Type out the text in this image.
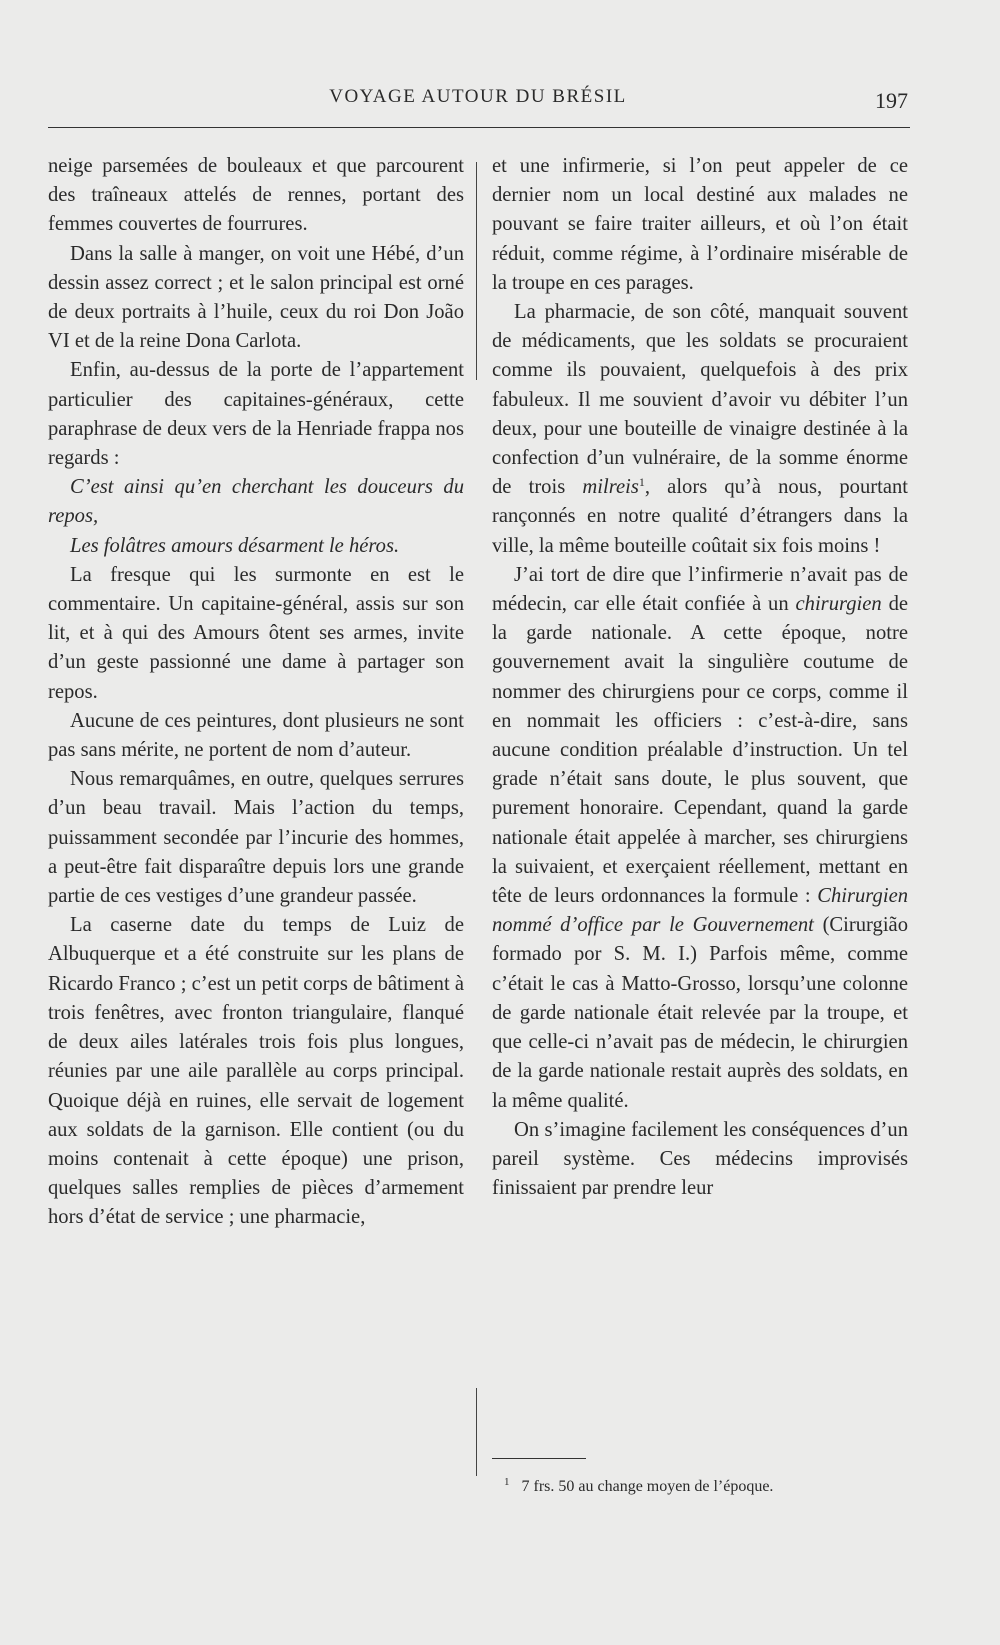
VOYAGE AUTOUR DU BRÉSIL	197

neige parsemées de bouleaux et que parcourent des traîneaux attelés de rennes, portant des femmes couvertes de fourrures.

Dans la salle à manger, on voit une Hébé, d’un dessin assez correct ; et le salon principal est orné de deux portraits à l’huile, ceux du roi Don João VI et de la reine Dona Carlota.

Enfin, au-dessus de la porte de l’appartement particulier des capitaines-généraux, cette paraphrase de deux vers de la Henriade frappa nos regards :

C’est ainsi qu’en cherchant les douceurs du repos,

Les folâtres amours désarment le héros.

La fresque qui les surmonte en est le commentaire. Un capitaine-général, assis sur son lit, et à qui des Amours ôtent ses armes, invite d’un geste passionné une dame à partager son repos.

Aucune de ces peintures, dont plusieurs ne sont pas sans mérite, ne portent de nom d’auteur.

Nous remarquâmes, en outre, quelques serrures d’un beau travail. Mais l’action du temps, puissamment secondée par l’incurie des hommes, a peut-être fait disparaître depuis lors une grande partie de ces vestiges d’une grandeur passée.

La caserne date du temps de Luiz de Albuquerque et a été construite sur les plans de Ricardo Franco ; c’est un petit corps de bâtiment à trois fenêtres, avec fronton triangulaire, flanqué de deux ailes latérales trois fois plus longues, réunies par une aile parallèle au corps principal. Quoique déjà en ruines, elle servait de logement aux soldats de la garnison. Elle contient (ou du moins contenait à cette époque) une prison, quelques salles remplies de pièces d’armement hors d’état de service ; une pharmacie,

et une infirmerie, si l’on peut appeler de ce dernier nom un local destiné aux malades ne pouvant se faire traiter ailleurs, et où l’on était réduit, comme régime, à l’ordinaire misérable de la troupe en ces parages.

La pharmacie, de son côté, manquait souvent de médicaments, que les soldats se procuraient comme ils pouvaient, quelquefois à des prix fabuleux. Il me souvient d’avoir vu débiter l’un deux, pour une bouteille de vinaigre destinée à la confection d’un vulnéraire, de la somme énorme de trois milreis$^1$, alors qu’à nous, pourtant rançonnés en notre qualité d’étrangers dans la ville, la même bouteille coûtait six fois moins !

J’ai tort de dire que l’infirmerie n’avait pas de médecin, car elle était confiée à un chirurgien de la garde nationale. A cette époque, notre gouvernement avait la singulière coutume de nommer des chirurgiens pour ce corps, comme il en nommait les officiers : c’est-à-dire, sans aucune condition préalable d’instruction. Un tel grade n’était sans doute, le plus souvent, que purement honoraire. Cependant, quand la garde nationale était appelée à marcher, ses chirurgiens la suivaient, et exerçaient réellement, mettant en tête de leurs ordonnances la formule : Chirurgien nommé d’office par le Gouvernement (Cirurgião formado por S. M. I.) Parfois même, comme c’était le cas à Matto-Grosso, lorsqu’une colonne de garde nationale était relevée par la troupe, et que celle-ci n’avait pas de médecin, le chirurgien de la garde nationale restait auprès des soldats, en la même qualité.

On s’imagine facilement les conséquences d’un pareil système. Ces médecins improvisés finissaient par prendre leur

$^1$ 7 frs. 50 au change moyen de l’époque.
